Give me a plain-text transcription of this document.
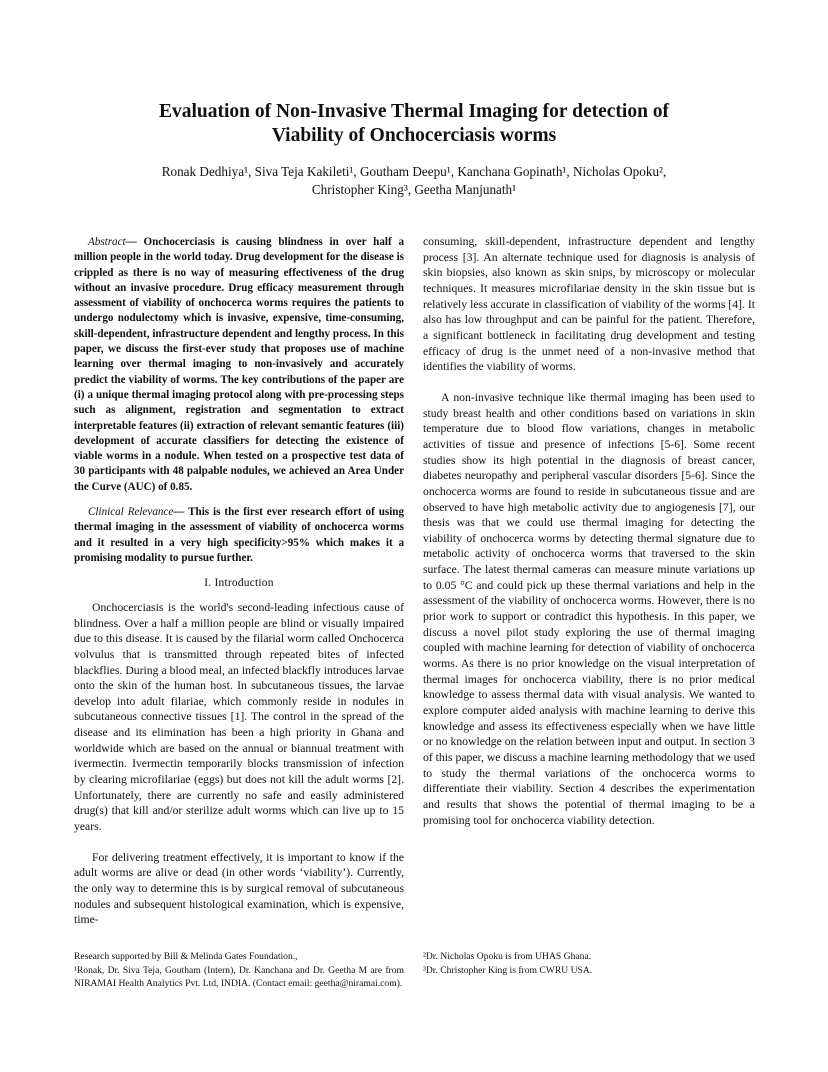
Evaluation of Non-Invasive Thermal Imaging for detection of
Viability of Onchocerciasis worms
Ronak Dedhiya¹, Siva Teja Kakileti¹, Goutham Deepu¹, Kanchana Gopinath¹, Nicholas Opoku²,
Christopher King³, Geetha Manjunath¹

Abstract— Onchocerciasis is causing blindness in over half a million people in the world today. Drug development for the disease is crippled as there is no way of measuring effectiveness of the drug without an invasive procedure. Drug efficacy measurement through assessment of viability of onchocerca worms requires the patients to undergo nodulectomy which is invasive, expensive, time-consuming, skill-dependent, infrastructure dependent and lengthy process. In this paper, we discuss the first-ever study that proposes use of machine learning over thermal imaging to non-invasively and accurately predict the viability of worms. The key contributions of the paper are (i) a unique thermal imaging protocol along with pre-processing steps such as alignment, registration and segmentation to extract interpretable features (ii) extraction of relevant semantic features (iii) development of accurate classifiers for detecting the existence of viable worms in a nodule. When tested on a prospective test data of 30 participants with 48 palpable nodules, we achieved an Area Under the Curve (AUC) of 0.85.

Clinical Relevance— This is the first ever research effort of using thermal imaging in the assessment of viability of onchocerca worms and it resulted in a very high specificity>95% which makes it a promising modality to pursue further.

I. Introduction

Onchocerciasis is the world's second-leading infectious cause of blindness. Over a half a million people are blind or visually impaired due to this disease. It is caused by the filarial worm called Onchocerca volvulus that is transmitted through repeated bites of infected blackflies. During a blood meal, an infected blackfly introduces larvae onto the skin of the human host. In subcutaneous tissues, the larvae develop into adult filariae, which commonly reside in nodules in subcutaneous connective tissues [1]. The control in the spread of the disease and its elimination has been a high priority in Ghana and worldwide which are based on the annual or biannual treatment with ivermectin. Ivermectin temporarily blocks transmission of infection by clearing microfilariae (eggs) but does not kill the adult worms [2]. Unfortunately, there are currently no safe and easily administered drug(s) that kill and/or sterilize adult worms which can live up to 15 years.

For delivering treatment effectively, it is important to know if the adult worms are alive or dead (in other words ‘viability’). Currently, the only way to determine this is by surgical removal of subcutaneous nodules and subsequent histological examination, which is expensive, time-

consuming, skill-dependent, infrastructure dependent and lengthy process [3]. An alternate technique used for diagnosis is analysis of skin biopsies, also known as skin snips, by microscopy or molecular techniques. It measures microfilariae density in the skin tissue but is relatively less accurate in classification of viability of the worms [4]. It also has low throughput and can be painful for the patient. Therefore, a significant bottleneck in facilitating drug development and testing efficacy of drug is the unmet need of a non-invasive method that identifies the viability of worms.

A non-invasive technique like thermal imaging has been used to study breast health and other conditions based on variations in skin temperature due to blood flow variations, changes in metabolic activities of tissue and presence of infections [5-6]. Some recent studies show its high potential in the diagnosis of breast cancer, diabetes neuropathy and peripheral vascular disorders [5-6]. Since the onchocerca worms are found to reside in subcutaneous tissue and are observed to have high metabolic activity due to angiogenesis [7], our thesis was that we could use thermal imaging for detecting the viability of onchocerca worms by detecting thermal signature due to metabolic activity of onchocerca worms that traversed to the skin surface. The latest thermal cameras can measure minute variations up to 0.05 °C and could pick up these thermal variations and help in the assessment of the viability of onchocerca worms. However, there is no prior work to support or contradict this hypothesis. In this paper, we discuss a novel pilot study exploring the use of thermal imaging coupled with machine learning for detection of viability of onchocerca worms. As there is no prior knowledge on the visual interpretation of thermal images for onchocerca viability, there is no prior medical knowledge to assess thermal data with visual analysis. We wanted to explore computer aided analysis with machine learning to derive this knowledge and assess its effectiveness especially when we have little or no knowledge on the relation between input and output. In section 3 of this paper, we discuss a machine learning methodology that we used to study the thermal variations of the onchocerca worms to differentiate their viability. Section 4 describes the experimentation and results that shows the potential of thermal imaging to be a promising tool for onchocerca viability detection.

Research supported by Bill & Melinda Gates Foundation.,

¹Ronak, Dr. Siva Teja, Goutham (Intern), Dr. Kanchana and Dr. Geetha M are from NIRAMAI Health Analytics Pvt. Ltd, INDIA. (Contact email: geetha@niramai.com).

²Dr. Nicholas Opoku is from UHAS Ghana.

³Dr. Christopher King is from CWRU USA.
